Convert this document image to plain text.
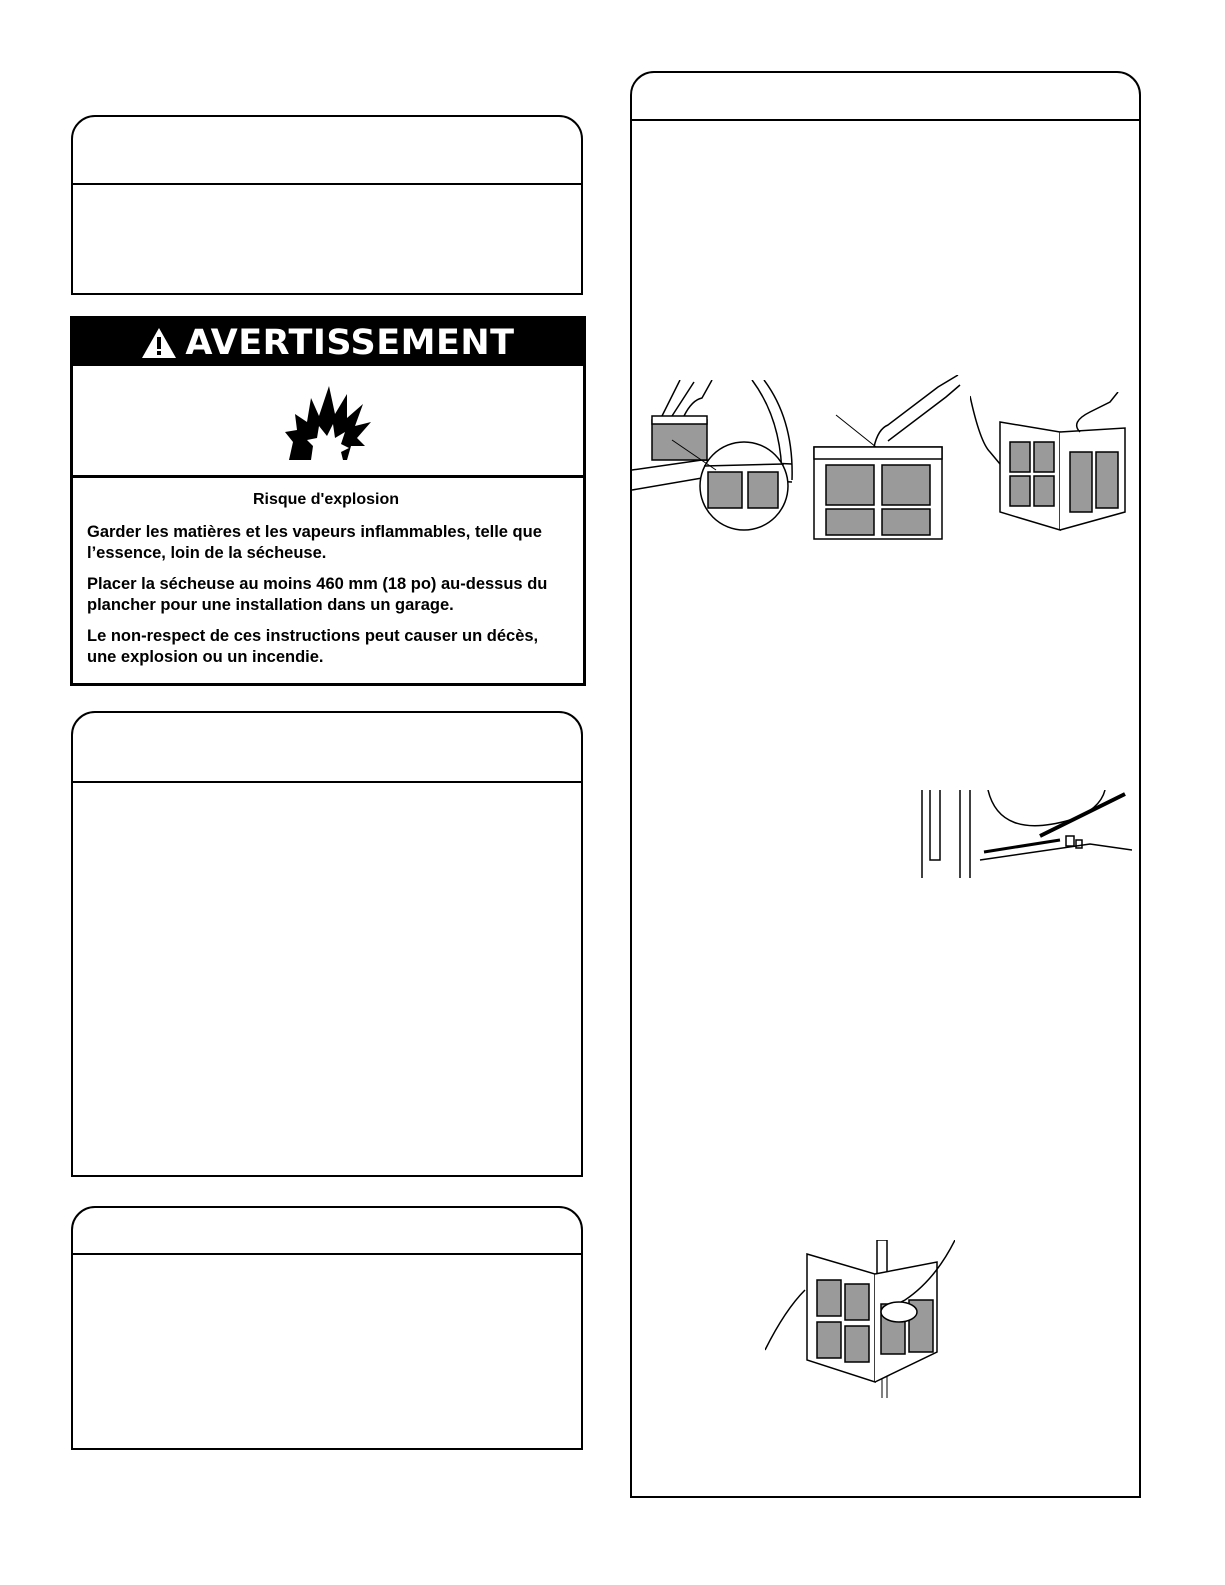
AVERTISSEMENT
Risque d'explosion

Garder les matières et les vapeurs inflammables, telle que l’essence, loin de la sécheuse.

Placer la sécheuse au moins 460 mm (18 po) au-dessus du plancher pour une installation dans un garage.

Le non-respect de ces instructions peut causer un décès, une explosion ou un incendie.
